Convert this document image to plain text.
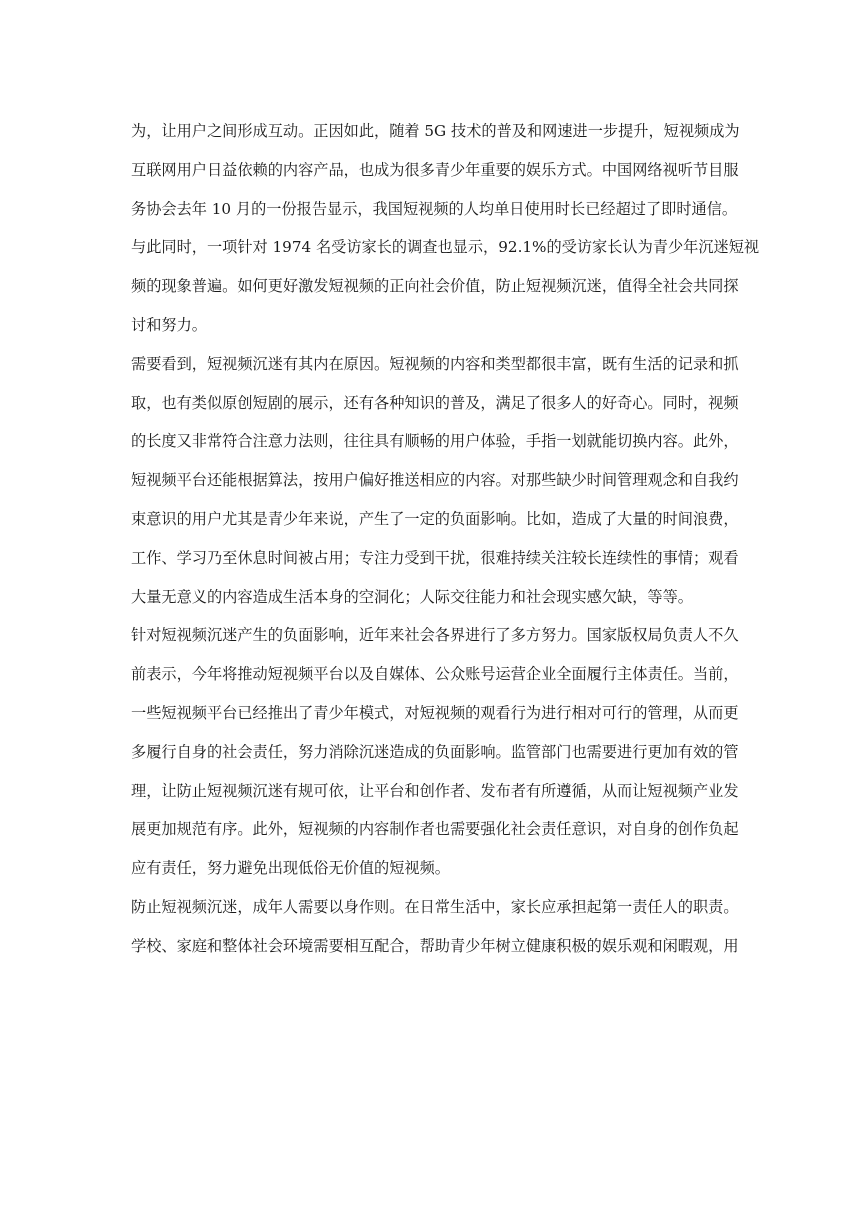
为，让用户之间形成互动。正因如此，随着 5G 技术的普及和网速进一步提升，短视频成为
互联网用户日益依赖的内容产品，也成为很多青少年重要的娱乐方式。中国网络视听节目服
务协会去年 10 月的一份报告显示，我国短视频的人均单日使用时长已经超过了即时通信。
与此同时，一项针对 1974 名受访家长的调查也显示，92.1%的受访家长认为青少年沉迷短视
频的现象普遍。如何更好激发短视频的正向社会价值，防止短视频沉迷，值得全社会共同探
讨和努力。
需要看到，短视频沉迷有其内在原因。短视频的内容和类型都很丰富，既有生活的记录和抓
取，也有类似原创短剧的展示，还有各种知识的普及，满足了很多人的好奇心。同时，视频
的长度又非常符合注意力法则，往往具有顺畅的用户体验，手指一划就能切换内容。此外，
短视频平台还能根据算法，按用户偏好推送相应的内容。对那些缺少时间管理观念和自我约
束意识的用户尤其是青少年来说，产生了一定的负面影响。比如，造成了大量的时间浪费，
工作、学习乃至休息时间被占用；专注力受到干扰，很难持续关注较长连续性的事情；观看
大量无意义的内容造成生活本身的空洞化；人际交往能力和社会现实感欠缺，等等。
针对短视频沉迷产生的负面影响，近年来社会各界进行了多方努力。国家版权局负责人不久
前表示，今年将推动短视频平台以及自媒体、公众账号运营企业全面履行主体责任。当前，
一些短视频平台已经推出了青少年模式，对短视频的观看行为进行相对可行的管理，从而更
多履行自身的社会责任，努力消除沉迷造成的负面影响。监管部门也需要进行更加有效的管
理，让防止短视频沉迷有规可依，让平台和创作者、发布者有所遵循，从而让短视频产业发
展更加规范有序。此外，短视频的内容制作者也需要强化社会责任意识，对自身的创作负起
应有责任，努力避免出现低俗无价值的短视频。
防止短视频沉迷，成年人需要以身作则。在日常生活中，家长应承担起第一责任人的职责。
学校、家庭和整体社会环境需要相互配合，帮助青少年树立健康积极的娱乐观和闲暇观，用
